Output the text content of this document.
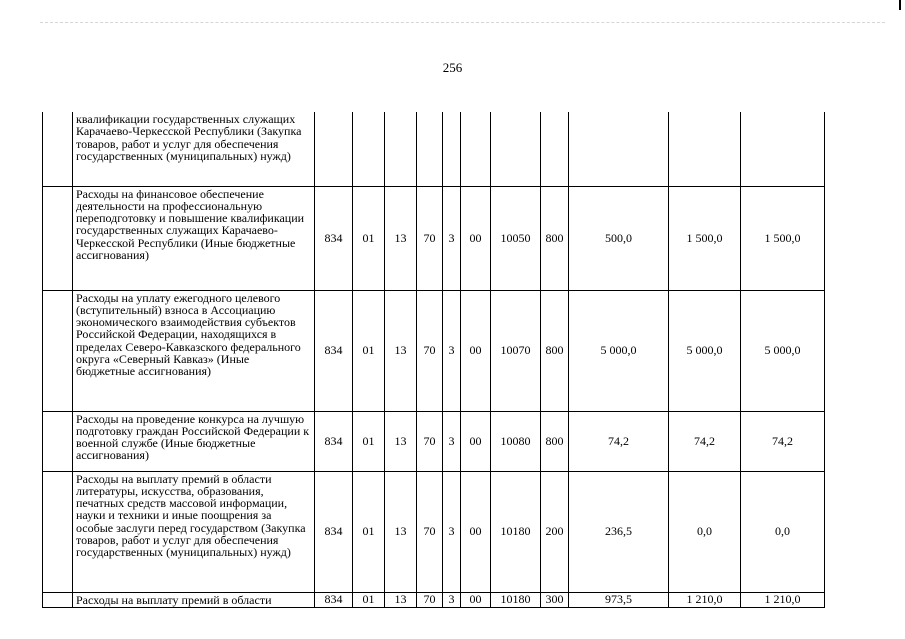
256
	квалификации государственных служащих Карачаево-Черкесской Республики (Закупка товаров, работ и услуг для обеспечения государственных (муниципальных) нужд)											
	Расходы на финансовое обеспечение деятельности на профессиональную переподготовку и повышение квалификации государственных служащих Карачаево-Черкесской Республики (Иные бюджетные ассигнования)	834	01	13	70	3	00	10050	800	500,0	1 500,0	1 500,0
	Расходы на уплату ежегодного целевого (вступительный) взноса в Ассоциацию экономического взаимодействия субъектов Российской Федерации, находящихся в пределах Северо-Кавказского федерального округа «Северный Кавказ» (Иные бюджетные ассигнования)	834	01	13	70	3	00	10070	800	5 000,0	5 000,0	5 000,0
	Расходы на проведение конкурса на лучшую подготовку граждан Российской Федерации к военной службе (Иные бюджетные ассигнования)	834	01	13	70	3	00	10080	800	74,2	74,2	74,2
	Расходы на выплату премий в области литературы, искусства, образования, печатных средств массовой информации, науки и техники и иные поощрения за особые заслуги перед государством (Закупка товаров, работ и услуг для обеспечения государственных (муниципальных) нужд)	834	01	13	70	3	00	10180	200	236,5	0,0	0,0
	Расходы на выплату премий в области	834	01	13	70	3	00	10180	300	973,5	1 210,0	1 210,0
